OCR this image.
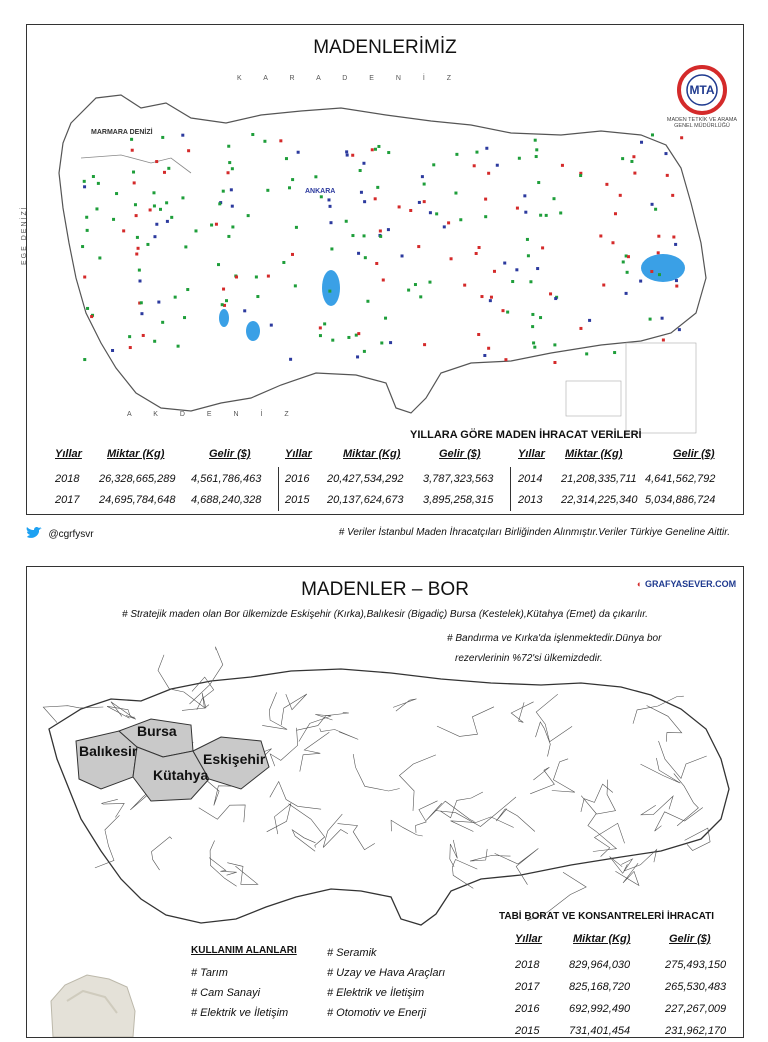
MADENLERİMİZ
MTA
MADEN TETKİK VE ARAMA GENEL MÜDÜRLÜĞÜ
K A R A D E N İ Z
A K D E N İ Z
EGE DENİZİ
MARMARA DENİZİ
ANKARA
YILLARA GÖRE MADEN İHRACAT VERİLERİ
Yıllar Miktar (Kg)	Gelir ($)
2018 26,328,665,289 4,561,786,463
2017 24,695,784,648 4,688,240,328
Yıllar	Miktar (Kg)	Gelir ($)
2016 20,427,534,292 3,787,323,563
2015 20,137,624,673 3,895,258,315
Yıllar Miktar (Kg)	Gelir ($)
2014 21,208,335,711 4,641,562,792
2013 22,314,225,340 5,034,886,724
@cgrfysvr	# Veriler İstanbul Maden İhracatçıları Birliğinden Alınmıştır.Veriler Türkiye Geneline Aittir.
MADENLER – BOR	◐ GRAFYASEVER.COM
# Stratejik maden olan Bor ülkemizde Eskişehir (Kırka),Balıkesir (Bigadiç) Bursa (Kestelek),Kütahya (Emet) da çıkarılır.
# Bandırma ve Kırka'da işlenmektedir.Dünya bor
rezervlerinin %72'si ülkemizdedir.
Bursa
Balıkesir	Eskişehir
Kütahya
TABİ BORAT VE KONSANTRELERİ İHRACATI
Yıllar	Miktar (Kg)	Gelir ($)
2018	829,964,030	275,493,150
2017	825,168,720	265,530,483
2016	692,992,490	227,267,009
2015	731,401,454	231,962,170
KULLANIM ALANLARI
# Tarım
# Cam Sanayi
# Elektrik ve İletişim
# Seramik
# Uzay ve Hava Araçları
# Elektrik ve İletişim
# Otomotiv ve Enerji
